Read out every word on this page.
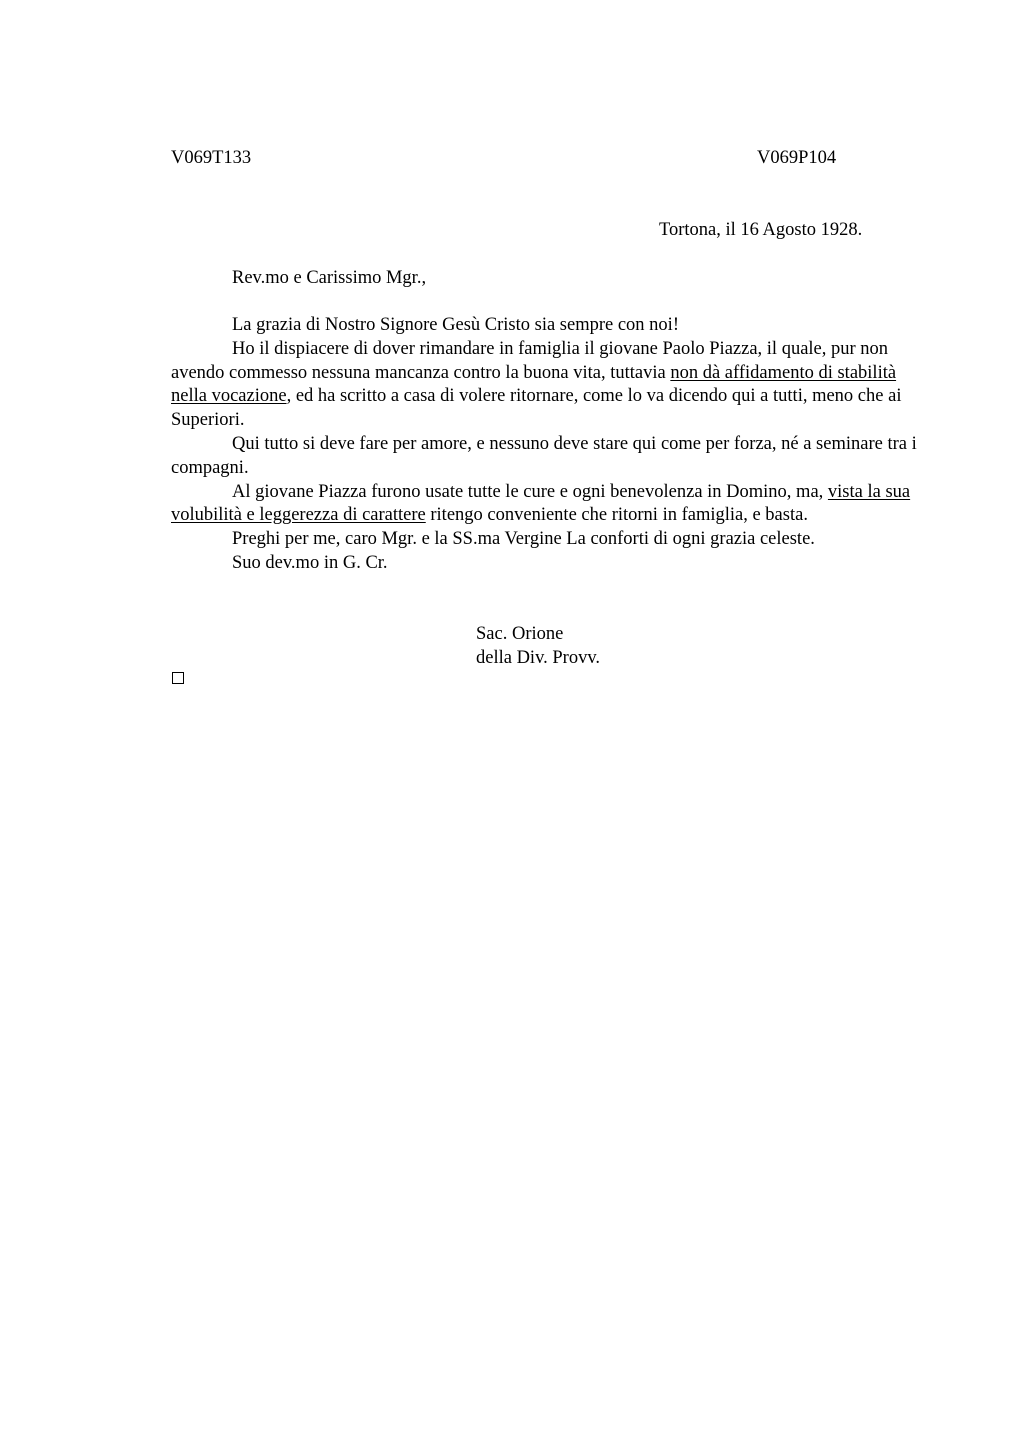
V069T133	V069P104
Tortona, il 16 Agosto 1928.
Rev.mo e Carissimo Mgr.,

La grazia di Nostro Signore Gesù Cristo sia sempre con noi!

Ho il dispiacere di dover rimandare in famiglia il giovane Paolo Piazza, il quale, pur non avendo commesso nessuna mancanza contro la buona vita, tuttavia non dà affidamento di stabilità nella vocazione, ed ha scritto a casa di volere ritornare, come lo va dicendo qui a tutti, meno che ai Superiori.

Qui tutto si deve fare per amore, e nessuno deve stare qui come per forza, né a seminare tra i compagni.

Al giovane Piazza furono usate tutte le cure e ogni benevolenza in Domino, ma, vista la sua volubilità e leggerezza di carattere ritengo conveniente che ritorni in famiglia, e basta.

Preghi per me, caro Mgr. e la SS.ma Vergine La conforti di ogni grazia celeste.

Suo dev.mo in G. Cr.

Sac. Orione
della Div. Provv.
